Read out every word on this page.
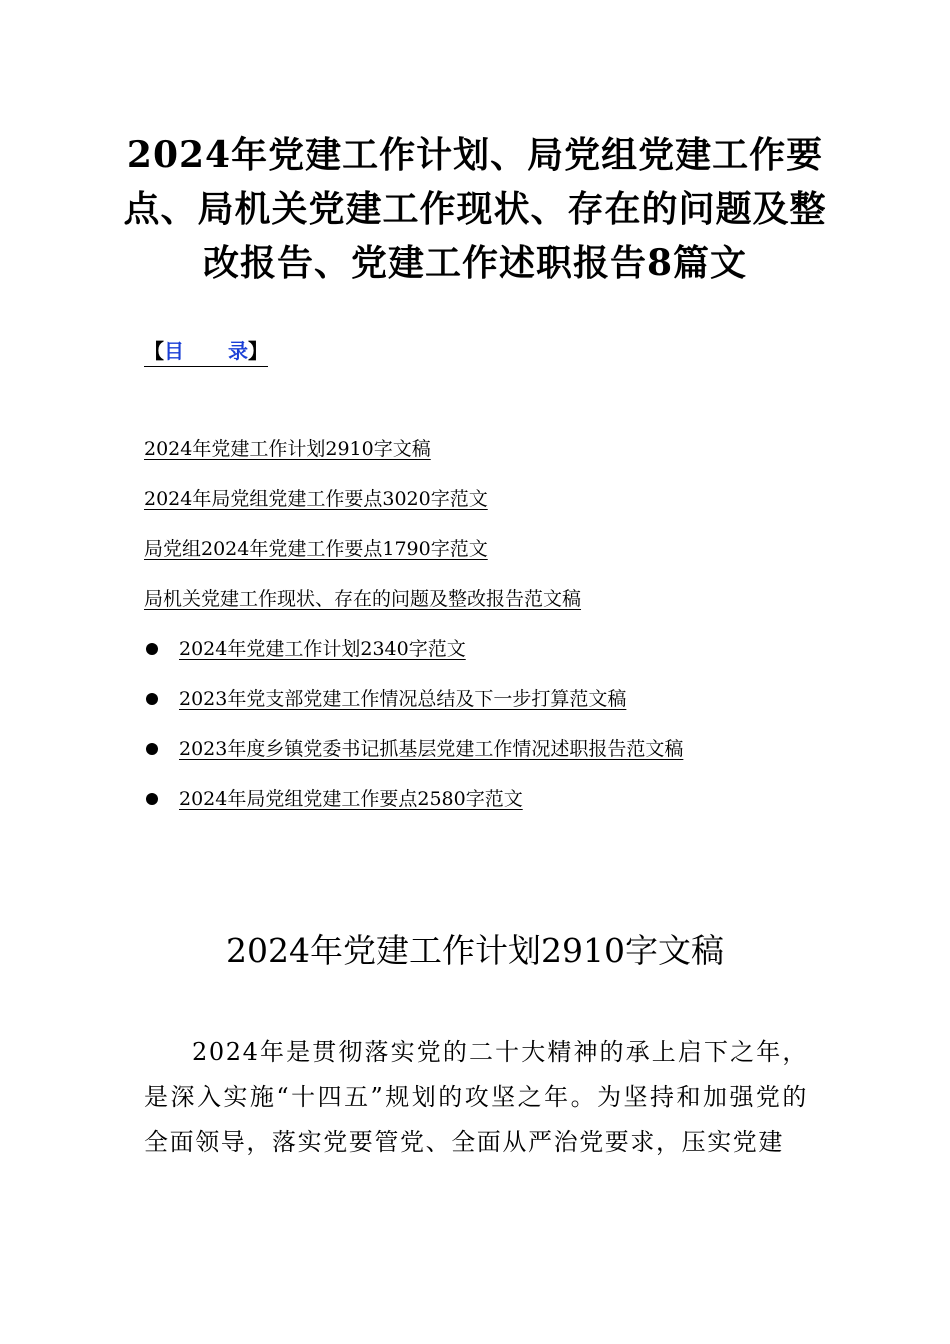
2024年党建工作计划、局党组党建工作要点、局机关党建工作现状、存在的问题及整改报告、党建工作述职报告8篇文
【目 录】
2024年党建工作计划2910字文稿
2024年局党组党建工作要点3020字范文
局党组2024年党建工作要点1790字范文
局机关党建工作现状、存在的问题及整改报告范文稿
2024年党建工作计划2340字范文
2023年党支部党建工作情况总结及下一步打算范文稿
2023年度乡镇党委书记抓基层党建工作情况述职报告范文稿
2024年局党组党建工作要点2580字范文
2024年党建工作计划2910字文稿

2024年是贯彻落实党的二十大精神的承上启下之年，是深入实施“十四五”规划的攻坚之年。为坚持和加强党的全面领导，落实党要管党、全面从严治党要求，压实党建
